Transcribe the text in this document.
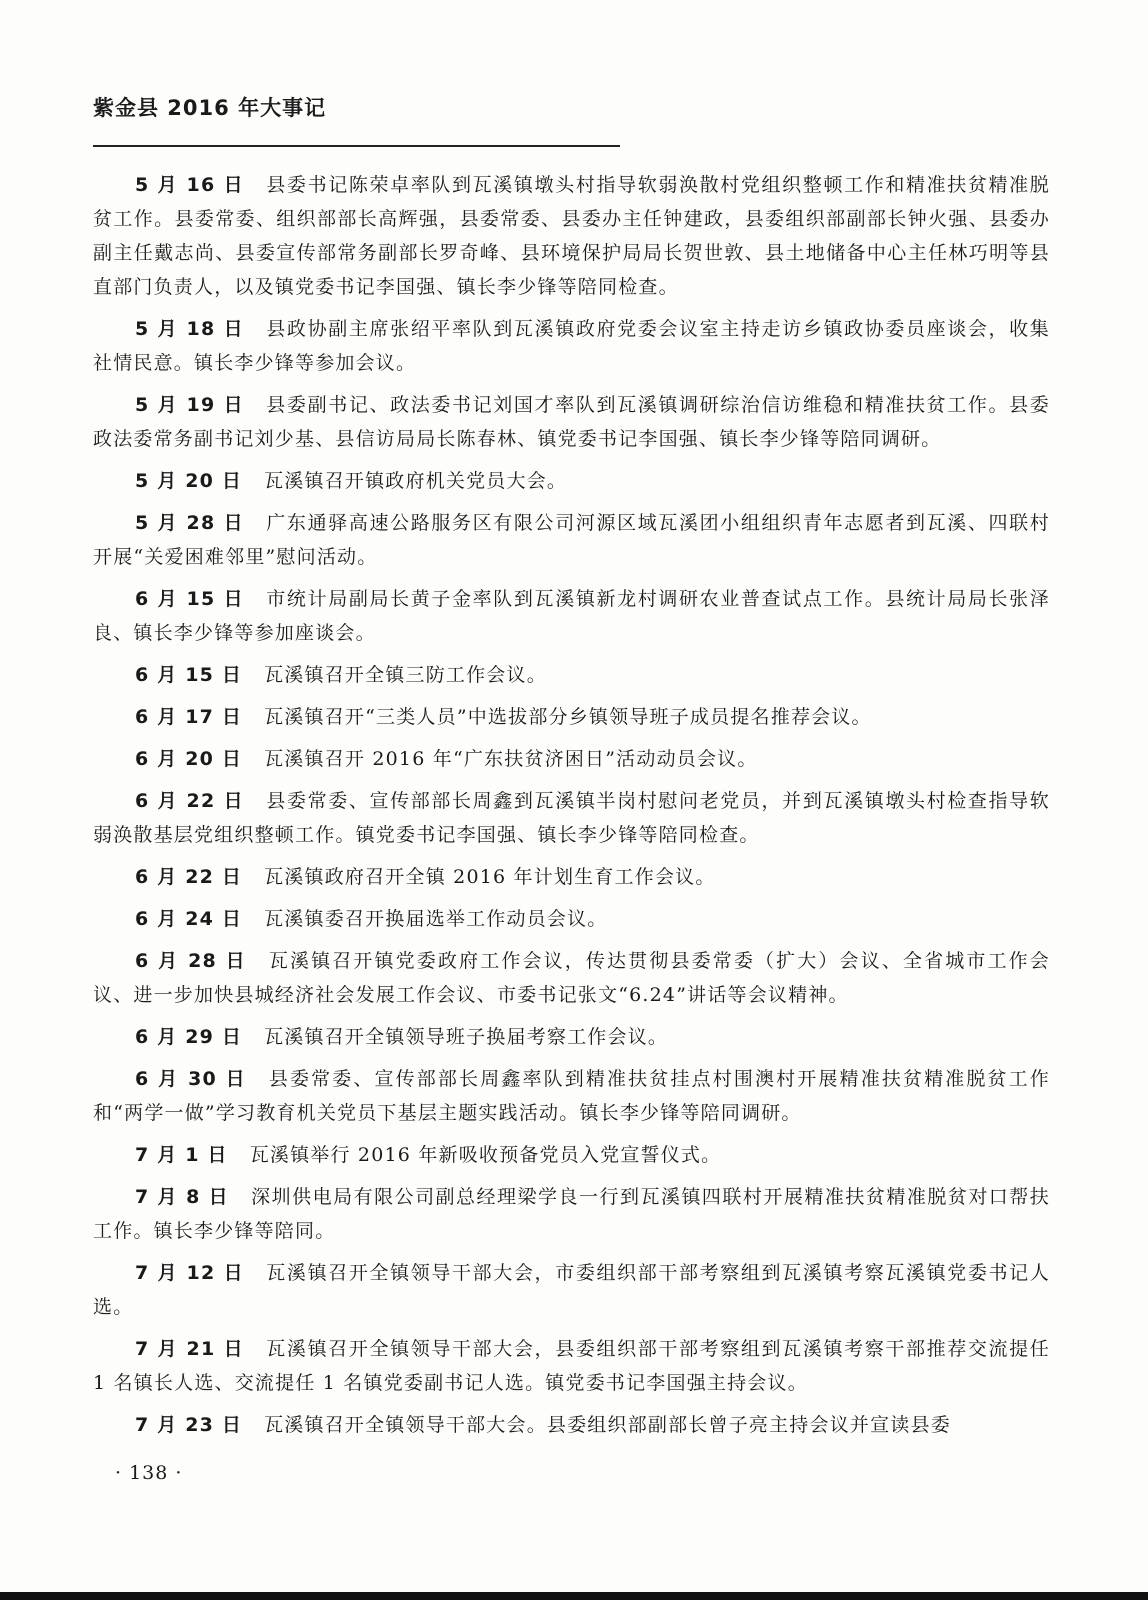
紫金县 2016 年大事记

5 月 16 日 县委书记陈荣卓率队到瓦溪镇墩头村指导软弱涣散村党组织整顿工作和精准扶贫精准脱贫工作。县委常委、组织部部长高辉强，县委常委、县委办主任钟建政，县委组织部副部长钟火强、县委办副主任戴志尚、县委宣传部常务副部长罗奇峰、县环境保护局局长贺世敦、县土地储备中心主任林巧明等县直部门负责人，以及镇党委书记李国强、镇长李少锋等陪同检查。

5 月 18 日 县政协副主席张绍平率队到瓦溪镇政府党委会议室主持走访乡镇政协委员座谈会，收集社情民意。镇长李少锋等参加会议。

5 月 19 日 县委副书记、政法委书记刘国才率队到瓦溪镇调研综治信访维稳和精准扶贫工作。县委政法委常务副书记刘少基、县信访局局长陈春林、镇党委书记李国强、镇长李少锋等陪同调研。

5 月 20 日 瓦溪镇召开镇政府机关党员大会。

5 月 28 日 广东通驿高速公路服务区有限公司河源区域瓦溪团小组组织青年志愿者到瓦溪、四联村开展“关爱困难邻里”慰问活动。

6 月 15 日 市统计局副局长黄子金率队到瓦溪镇新龙村调研农业普查试点工作。县统计局局长张泽良、镇长李少锋等参加座谈会。

6 月 15 日 瓦溪镇召开全镇三防工作会议。

6 月 17 日 瓦溪镇召开“三类人员”中选拔部分乡镇领导班子成员提名推荐会议。

6 月 20 日 瓦溪镇召开 2016 年“广东扶贫济困日”活动动员会议。

6 月 22 日 县委常委、宣传部部长周鑫到瓦溪镇半岗村慰问老党员，并到瓦溪镇墩头村检查指导软弱涣散基层党组织整顿工作。镇党委书记李国强、镇长李少锋等陪同检查。

6 月 22 日 瓦溪镇政府召开全镇 2016 年计划生育工作会议。

6 月 24 日 瓦溪镇委召开换届选举工作动员会议。

6 月 28 日 瓦溪镇召开镇党委政府工作会议，传达贯彻县委常委（扩大）会议、全省城市工作会议、进一步加快县城经济社会发展工作会议、市委书记张文“6.24”讲话等会议精神。

6 月 29 日 瓦溪镇召开全镇领导班子换届考察工作会议。

6 月 30 日 县委常委、宣传部部长周鑫率队到精准扶贫挂点村围澳村开展精准扶贫精准脱贫工作和“两学一做”学习教育机关党员下基层主题实践活动。镇长李少锋等陪同调研。

7 月 1 日 瓦溪镇举行 2016 年新吸收预备党员入党宣誓仪式。

7 月 8 日 深圳供电局有限公司副总经理梁学良一行到瓦溪镇四联村开展精准扶贫精准脱贫对口帮扶工作。镇长李少锋等陪同。

7 月 12 日 瓦溪镇召开全镇领导干部大会，市委组织部干部考察组到瓦溪镇考察瓦溪镇党委书记人选。

7 月 21 日 瓦溪镇召开全镇领导干部大会，县委组织部干部考察组到瓦溪镇考察干部推荐交流提任 1 名镇长人选、交流提任 1 名镇党委副书记人选。镇党委书记李国强主持会议。

7 月 23 日 瓦溪镇召开全镇领导干部大会。县委组织部副部长曾子亮主持会议并宣读县委

· 138 ·
